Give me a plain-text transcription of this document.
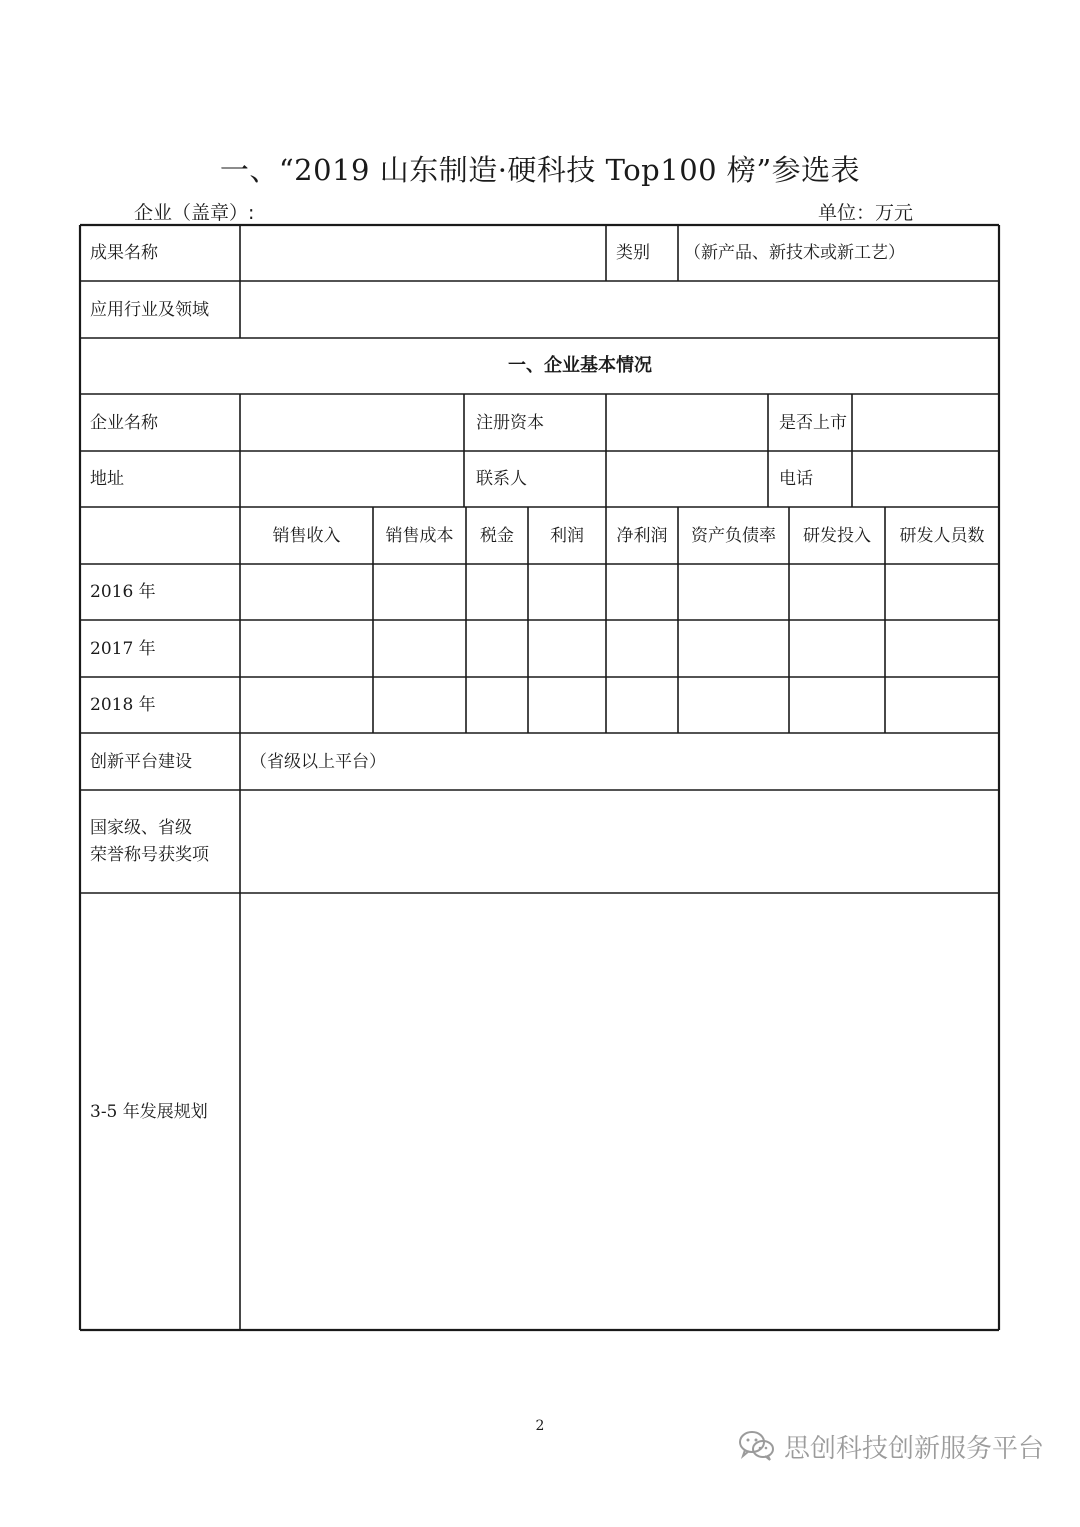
一、“2019 山东制造·硬科技 Top100 榜”参选表
企业（盖章）:	单位：万元
成果名称	类别 （新产品、新技术或新工艺）
应用行业及领域
一、企业基本情况
企业名称	注册资本	是否上市
地址	联系人	电话
销售收入	销售成本	税金	利润	净利润	资产负债率	研发投入	研发人员数
2016 年
2017 年
2018 年
创新平台建设	（省级以上平台）
国家级、省级
荣誉称号获奖项
3-5 年发展规划
2
思创科技创新服务平台
